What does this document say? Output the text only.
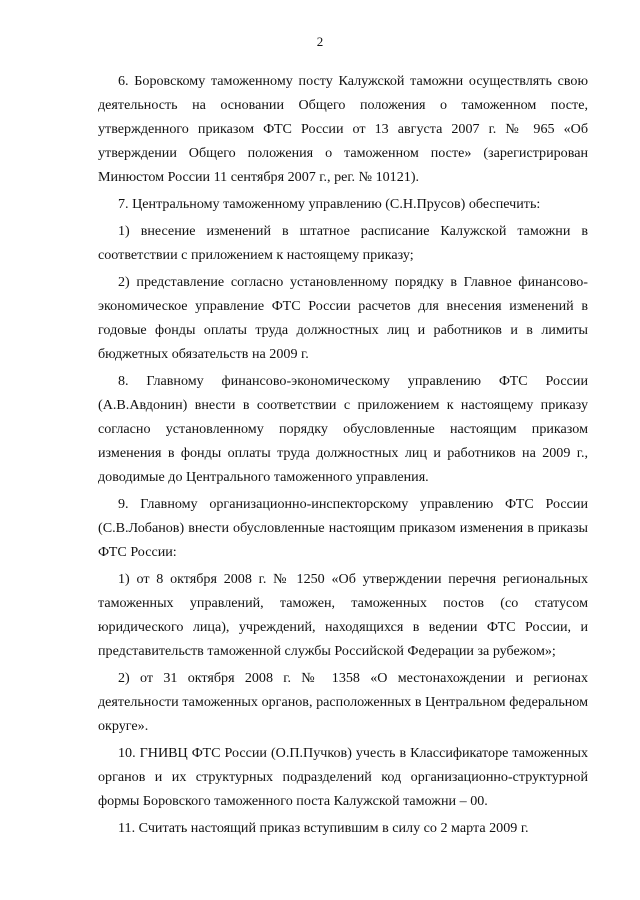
2

6. Боровскому таможенному посту Калужской таможни осуществлять свою деятельность на основании Общего положения о таможенном посте, утвержденного приказом ФТС России от 13 августа 2007 г. № 965 «Об утверждении Общего положения о таможенном посте» (зарегистрирован Минюстом России 11 сентября 2007 г., рег. № 10121).

7. Центральному таможенному управлению (С.Н.Прусов) обеспечить:

1) внесение изменений в штатное расписание Калужской таможни в соответствии с приложением к настоящему приказу;

2) представление согласно установленному порядку в Главное финансово-экономическое управление ФТС России расчетов для внесения изменений в годовые фонды оплаты труда должностных лиц и работников и в лимиты бюджетных обязательств на 2009 г.

8. Главному финансово-экономическому управлению ФТС России (А.В.Авдонин) внести в соответствии с приложением к настоящему приказу согласно установленному порядку обусловленные настоящим приказом изменения в фонды оплаты труда должностных лиц и работников на 2009 г., доводимые до Центрального таможенного управления.

9. Главному организационно-инспекторскому управлению ФТС России (С.В.Лобанов) внести обусловленные настоящим приказом изменения в приказы ФТС России:

1) от 8 октября 2008 г. № 1250 «Об утверждении перечня региональных таможенных управлений, таможен, таможенных постов (со статусом юридического лица), учреждений, находящихся в ведении ФТС России, и представительств таможенной службы Российской Федерации за рубежом»;

2) от 31 октября 2008 г. № 1358 «О местонахождении и регионах деятельности таможенных органов, расположенных в Центральном федеральном округе».

10. ГНИВЦ ФТС России (О.П.Пучков) учесть в Классификаторе таможенных органов и их структурных подразделений код организационно-структурной формы Боровского таможенного поста Калужской таможни – 00.

11. Считать настоящий приказ вступившим в силу со 2 марта 2009 г.
